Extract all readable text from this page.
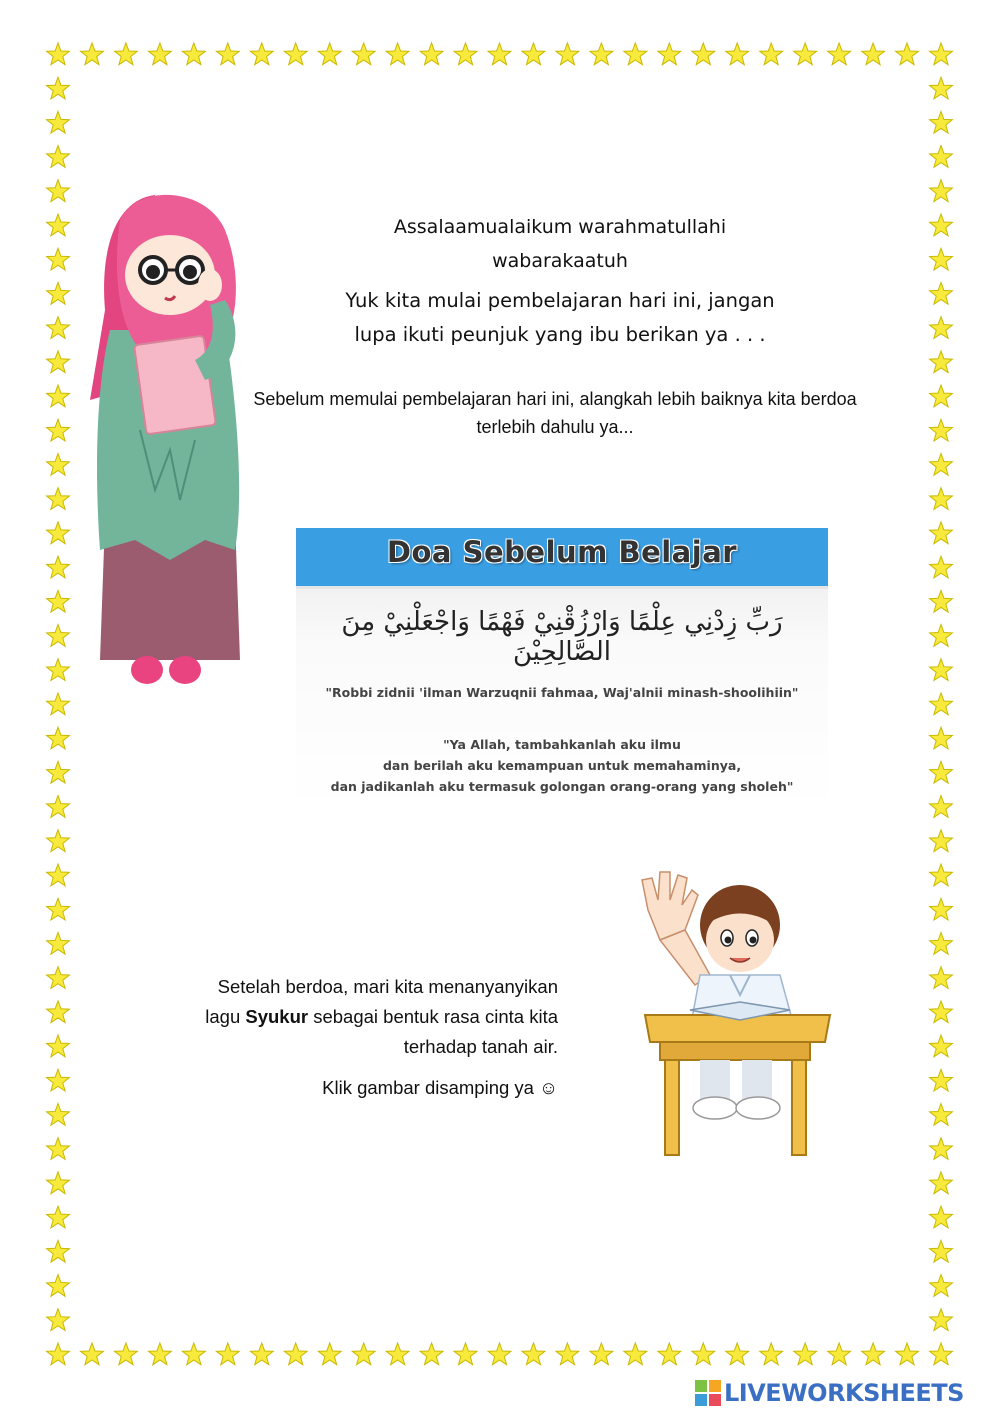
Assalaamualaikum warahmatullahi
wabarakaatuh
Yuk kita mulai pembelajaran hari ini, jangan
lupa ikuti peunjuk yang ibu berikan ya . . .
Sebelum memulai pembelajaran hari ini, alangkah lebih baiknya kita berdoa
terlebih dahulu ya...
Doa Sebelum Belajar
رَبِّ زِدْنِي عِلْمًا وَارْزُقْنِيْ فَهْمًا وَاجْعَلْنِيْ مِنَ الصَّالِحِيْنَ
"Robbi zidnii 'ilman Warzuqnii fahmaa, Waj'alnii minash-shoolihiin"
"Ya Allah, tambahkanlah aku ilmu
dan berilah aku kemampuan untuk memahaminya,
dan jadikanlah aku termasuk golongan orang-orang yang sholeh"
Setelah berdoa, mari kita menanyanyikan
lagu Syukur sebagai bentuk rasa cinta kita
terhadap tanah air.
Klik gambar disamping ya ☺
LIVEWORKSHEETS
